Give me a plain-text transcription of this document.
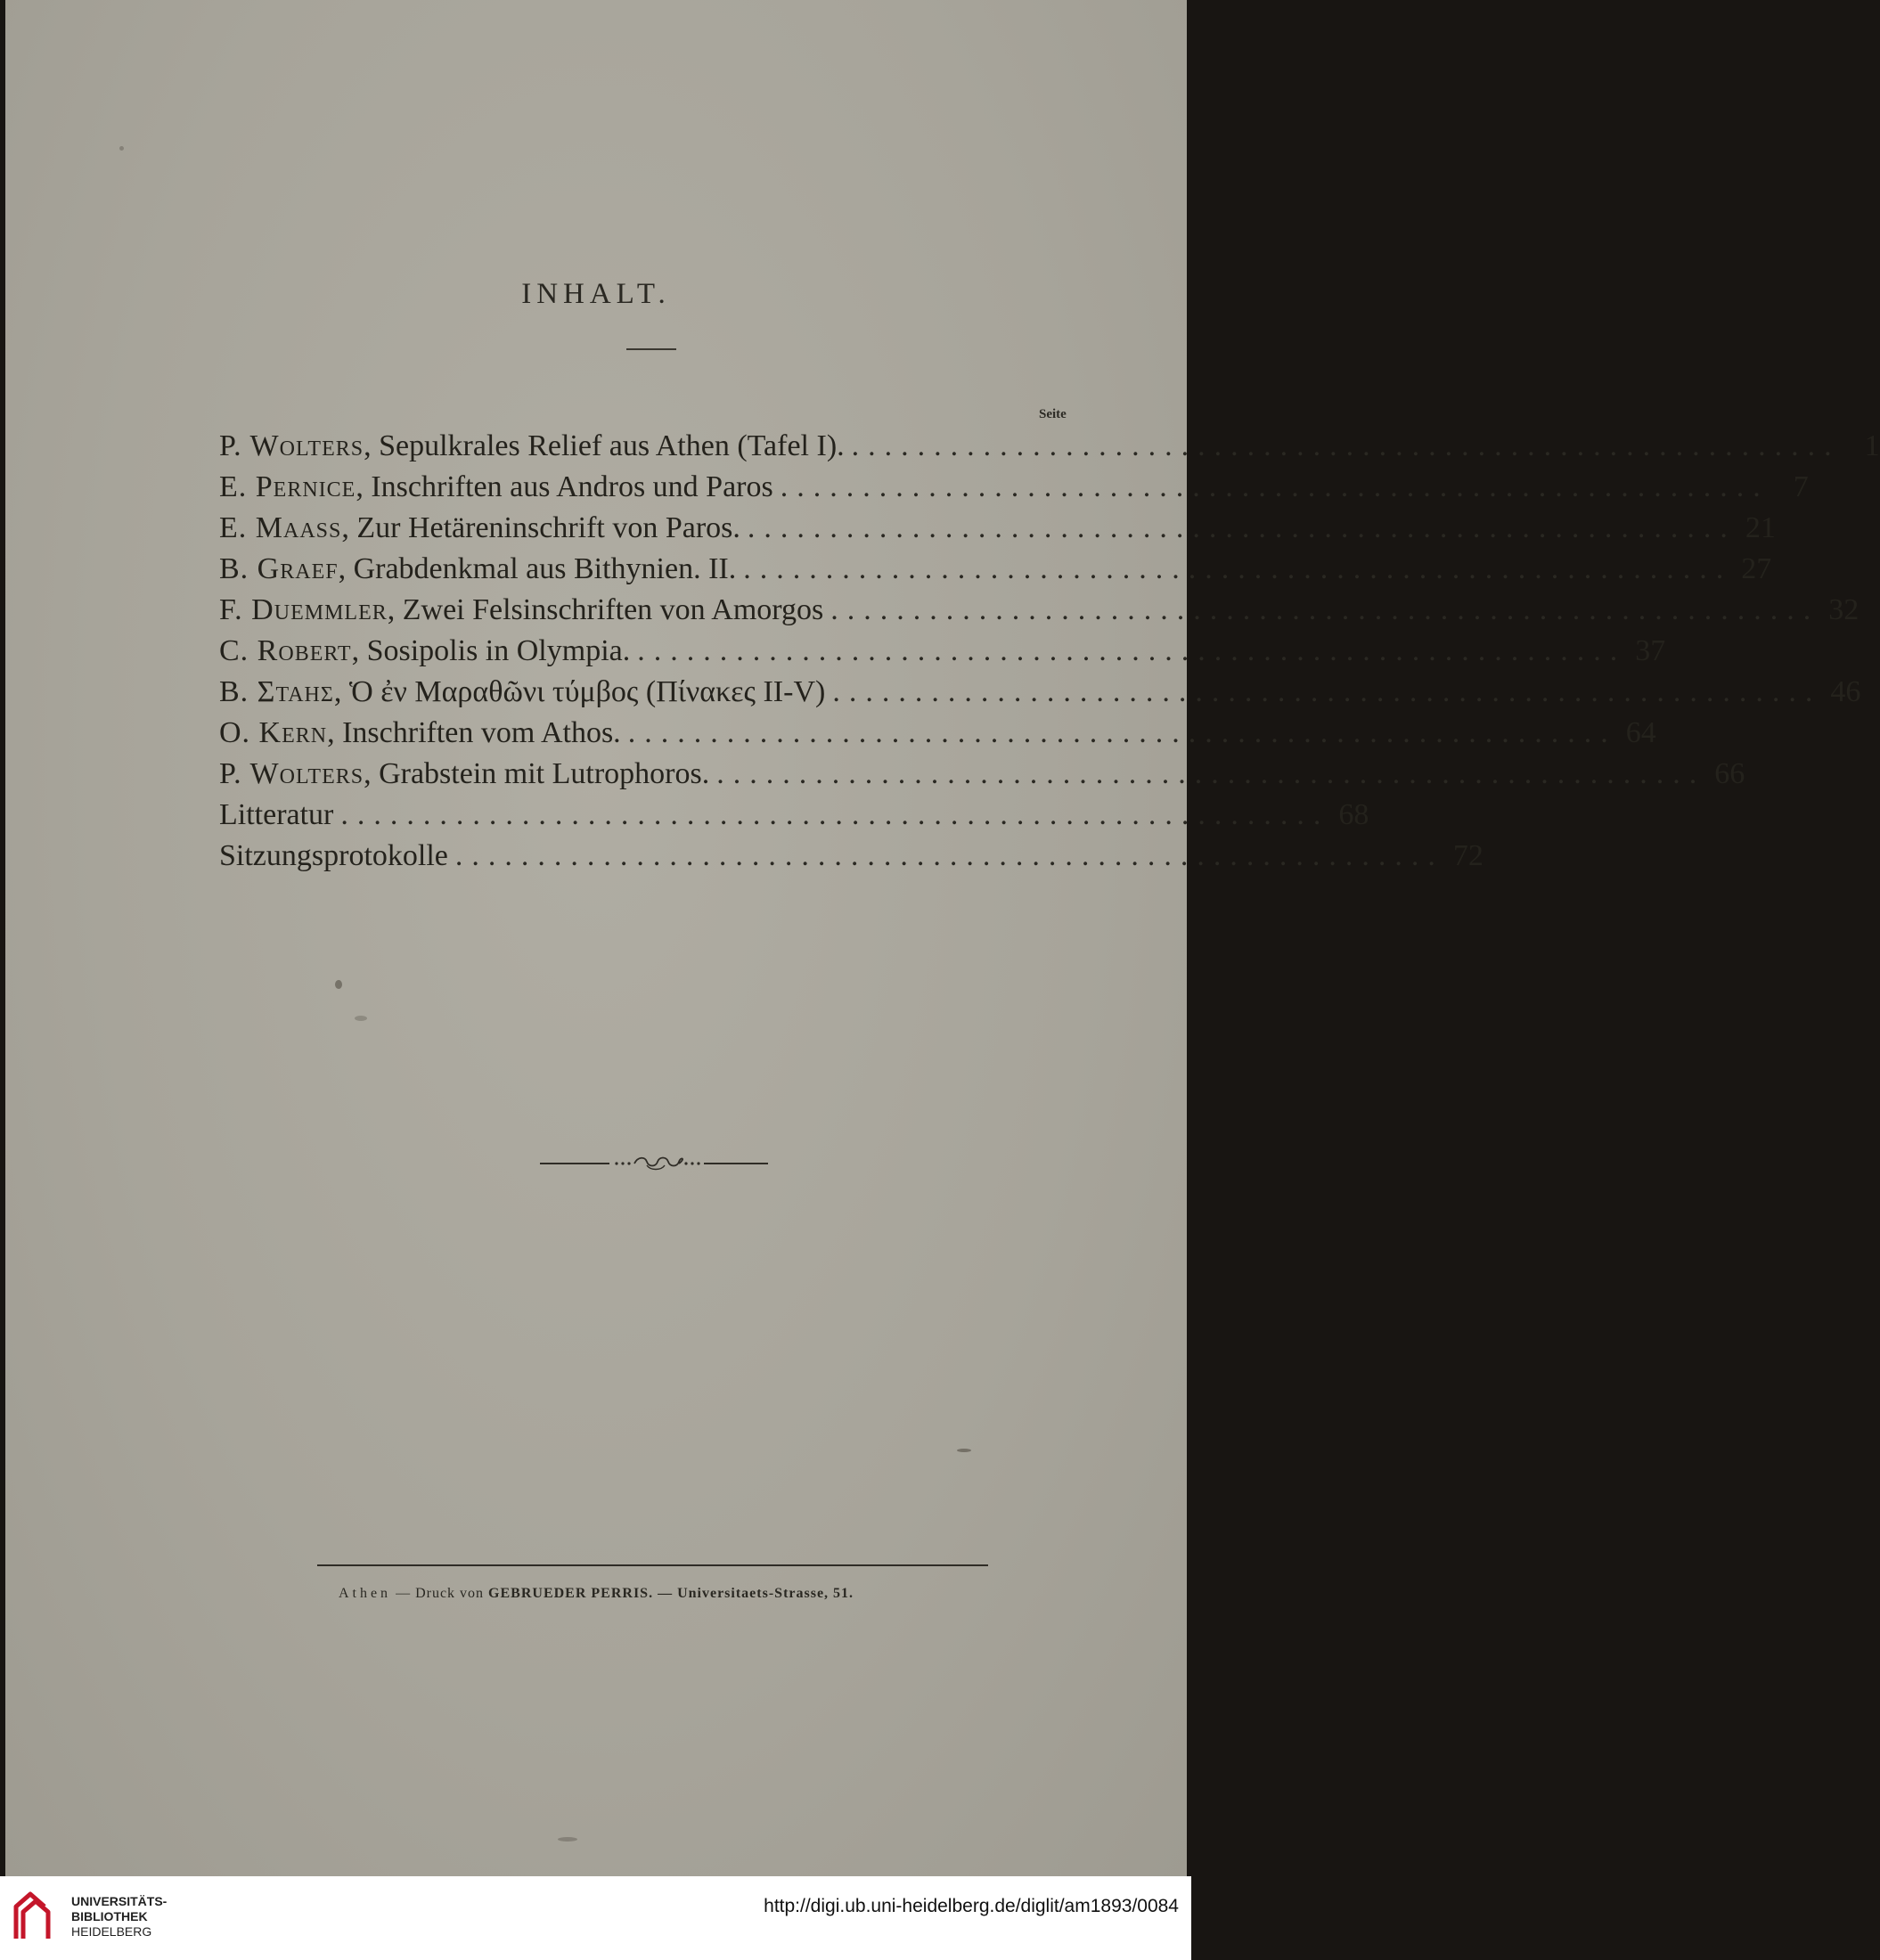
INHALT.
Seite
P. Wolters, Sepulkrales Relief aus Athen (Tafel I). ............................................................ 1
E. Pernice, Inschriften aus Andros und Paros ............................................................ 7
E. Maass, Zur Hetäreninschrift von Paros. ............................................................ 21
B. Graef, Grabdenkmal aus Bithynien. II. ............................................................ 27
F. Duemmler, Zwei Felsinschriften von Amorgos ............................................................ 32
C. Robert, Sosipolis in Olympia. ............................................................ 37
B. Σταης, Ὁ ἐν Μαραθῶνι τύμβος (Πίνακες II-V) ............................................................ 46
O. Kern, Inschriften vom Athos. ............................................................ 64
P. Wolters, Grabstein mit Lutrophoros. ............................................................ 66
Litteratur ............................................................ 68
Sitzungsprotokolle ............................................................ 72
Athen — Druck von GEBRUEDER PERRIS. — Universitaets-Strasse, 51.
UNIVERSITÄTS-
BIBLIOTHEK
HEIDELBERG
http://digi.ub.uni-heidelberg.de/diglit/am1893/0084
